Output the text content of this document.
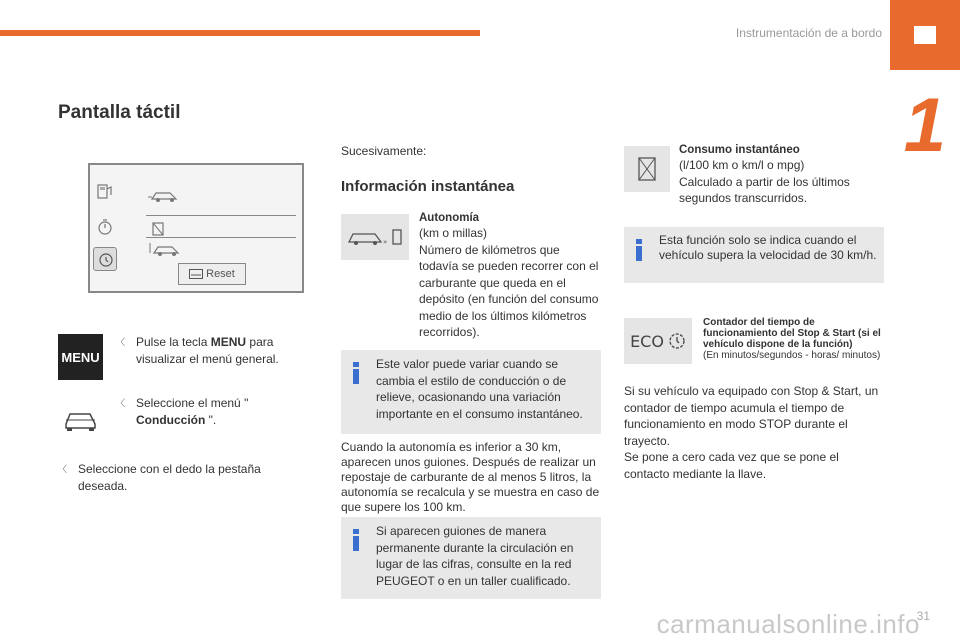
Instrumentación de a bordo
1
Pantalla táctil
Reset
MENU
〈 Pulse la tecla MENU para visualizar el menú general.
〈 Seleccione el menú " Conducción ".
〈 Seleccione con el dedo la pestaña deseada.
Sucesivamente:
Información instantánea
»
Autonomía
(km o millas)
Número de kilómetros que todavía se pueden recorrer con el carburante que queda en el depósito (en función del consumo medio de los últimos kilómetros recorridos).
Este valor puede variar cuando se cambia el estilo de conducción o de relieve, ocasionando una variación importante en el consumo instantáneo.
Cuando la autonomía es inferior a 30 km, aparecen unos guiones. Después de realizar un repostaje de carburante de al menos 5 litros, la autonomía se recalcula y se muestra en caso de que supere los 100 km.
Si aparecen guiones de manera permanente durante la circulación en lugar de las cifras, consulte en la red PEUGEOT o en un taller cualificado.
Consumo instantáneo
(l/100 km o km/l o mpg)
Calculado a partir de los últimos segundos transcurridos.
Esta función solo se indica cuando el vehículo supera la velocidad de 30 km/h.
ECO
Contador del tiempo de funcionamiento del Stop & Start (si el vehículo dispone de la función)
(En minutos/segundos - horas/ minutos)
Si su vehículo va equipado con Stop & Start, un contador de tiempo acumula el tiempo de funcionamiento en modo STOP durante el trayecto.
Se pone a cero cada vez que se pone el contacto mediante la llave.
31
carmanualsonline.info
